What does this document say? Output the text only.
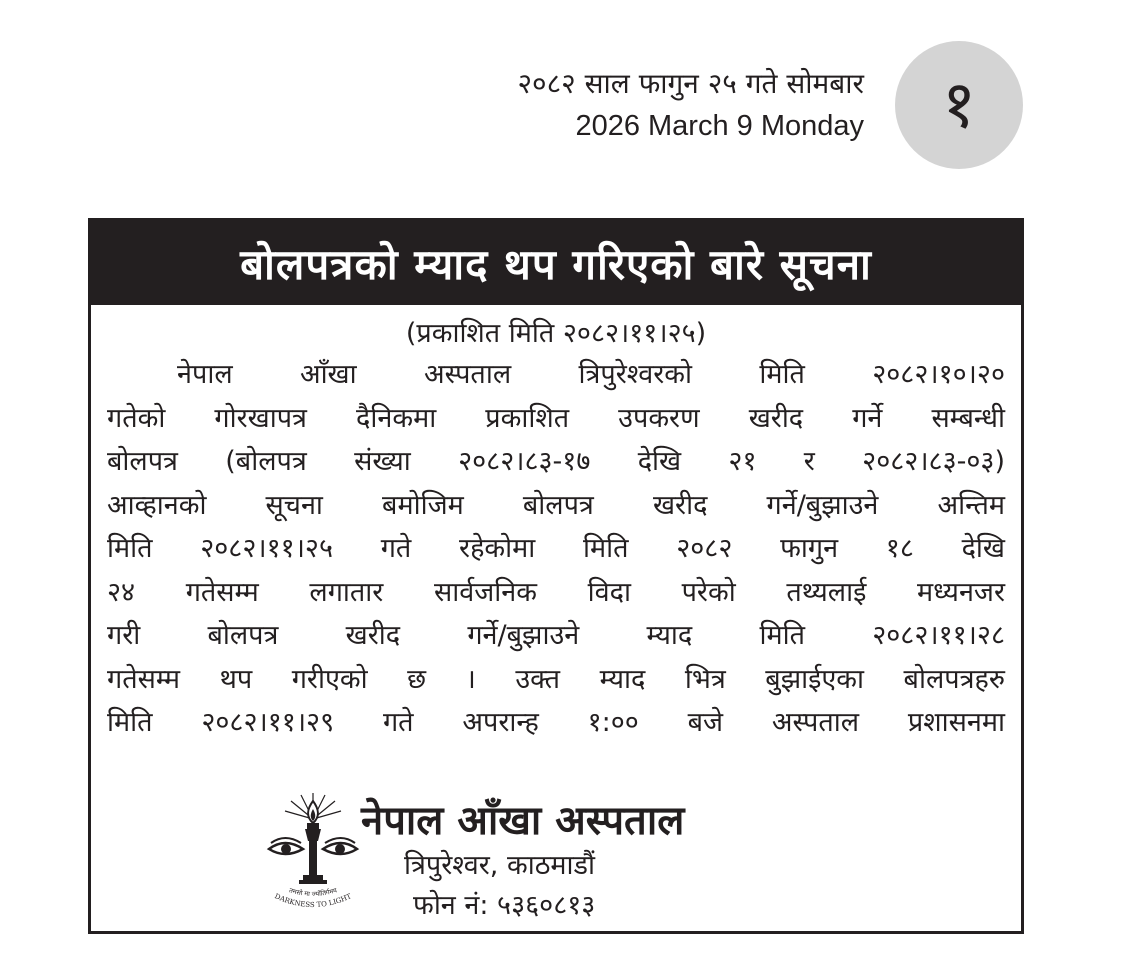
२०८२ साल फागुन २५ गते सोमबार
2026 March 9 Monday १
बोलपत्रको म्याद थप गरिएको बारे सूचना
(प्रकाशित मिति २०८२।११।२५)
नेपाल आँखा अस्पताल त्रिपुरेश्वरको मिति २०८२।१०।२०
गतेको गोरखापत्र दैनिकमा प्रकाशित उपकरण खरीद गर्ने सम्बन्धी
बोलपत्र (बोलपत्र संख्या २०८२।८३-१७ देखि २१ र २०८२।८३-०३)
आव्हानको सूचना बमोजिम बोलपत्र खरीद गर्ने/बुझाउने अन्तिम
मिति २०८२।११।२५ गते रहेकोमा मिति २०८२ फागुन १८ देखि
२४ गतेसम्म लगातार सार्वजनिक विदा परेको तथ्यलाई मध्यनजर
गरी बोलपत्र खरीद गर्ने/बुझाउने म्याद मिति २०८२।११।२८
गतेसम्म थप गरीएको छ । उक्त म्याद भित्र बुझाईएका बोलपत्रहरु
मिति २०८२।११।२९ गते अपरान्ह १:०० बजे अस्पताल प्रशासनमा
तमसो मा ज्योतिर्गमय
DARKNESS TO LIGHT
नेपाल आँखा अस्पताल
त्रिपुरेश्वर, काठमाडौं
फोन नं: ५३६०८१३
